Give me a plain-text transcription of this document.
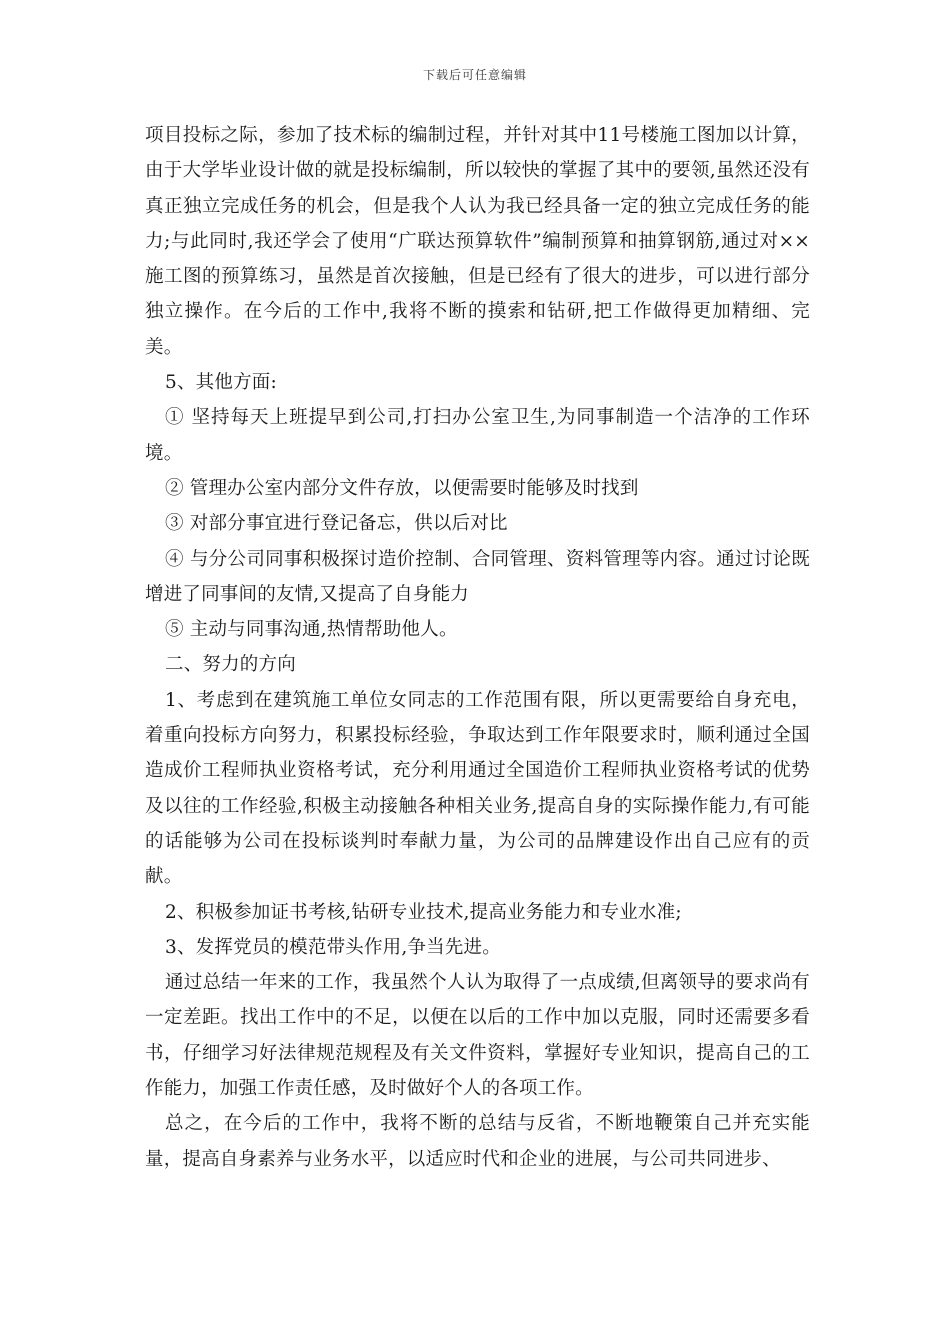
下载后可任意编辑

项目投标之际，参加了技术标的编制过程，并针对其中11号楼施工图加以计算，由于大学毕业设计做的就是投标编制，所以较快的掌握了其中的要领,虽然还没有真正独立完成任务的机会，但是我个人认为我已经具备一定的独立完成任务的能力;与此同时,我还学会了使用“广联达预算软件”编制预算和抽算钢筋,通过对××施工图的预算练习，虽然是首次接触，但是已经有了很大的进步，可以进行部分独立操作。在今后的工作中,我将不断的摸索和钻研,把工作做得更加精细、完美。

5、其他方面:

① 坚持每天上班提早到公司,打扫办公室卫生,为同事制造一个洁净的工作环境。

② 管理办公室内部分文件存放，以便需要时能够及时找到

③ 对部分事宜进行登记备忘，供以后对比

④ 与分公司同事积极探讨造价控制、合同管理、资料管理等内容。通过讨论既增进了同事间的友情,又提高了自身能力

⑤ 主动与同事沟通,热情帮助他人。

二、努力的方向

1、考虑到在建筑施工单位女同志的工作范围有限，所以更需要给自身充电，着重向投标方向努力，积累投标经验，争取达到工作年限要求时，顺利通过全国造成价工程师执业资格考试，充分利用通过全国造价工程师执业资格考试的优势及以往的工作经验,积极主动接触各种相关业务,提高自身的实际操作能力,有可能的话能够为公司在投标谈判时奉献力量，为公司的品牌建设作出自己应有的贡献。

2、积极参加证书考核,钻研专业技术,提高业务能力和专业水准;

3、发挥党员的模范带头作用,争当先进。

通过总结一年来的工作，我虽然个人认为取得了一点成绩,但离领导的要求尚有一定差距。找出工作中的不足，以便在以后的工作中加以克服，同时还需要多看书，仔细学习好法律规范规程及有关文件资料，掌握好专业知识，提高自己的工作能力，加强工作责任感，及时做好个人的各项工作。

总之，在今后的工作中，我将不断的总结与反省，不断地鞭策自己并充实能量，提高自身素养与业务水平，以适应时代和企业的进展，与公司共同进步、
